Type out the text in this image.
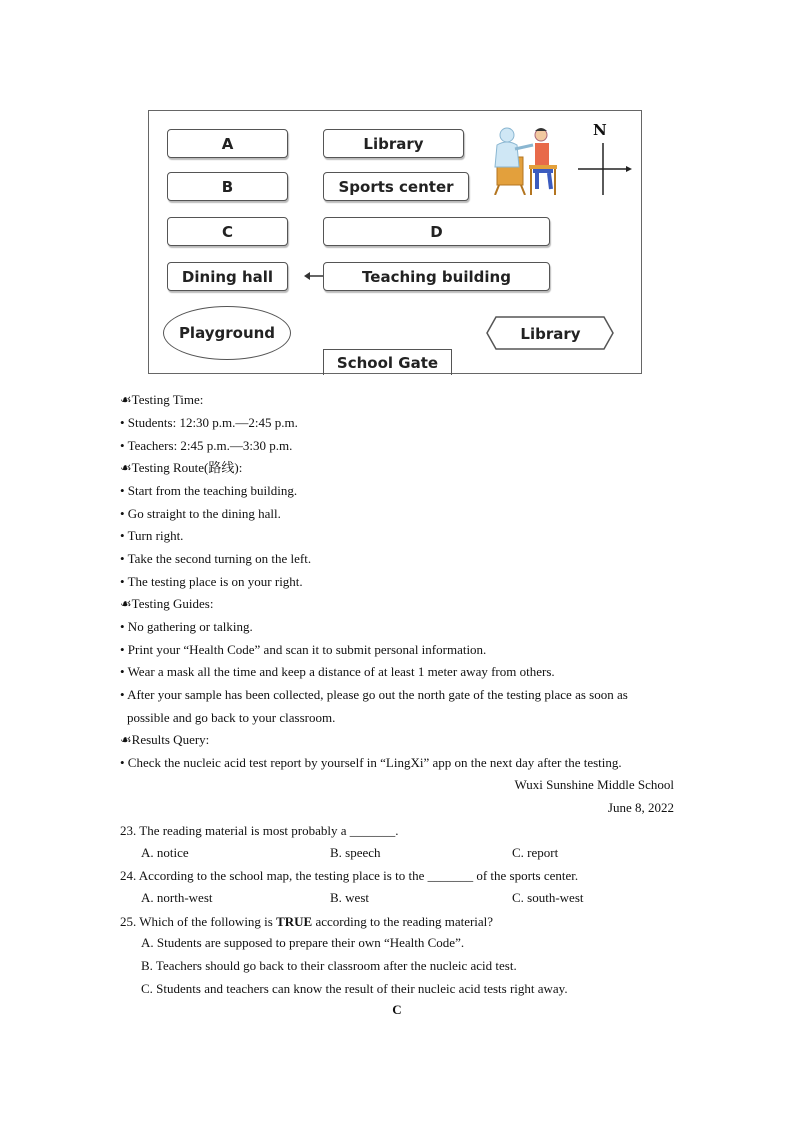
A	Library
B	Sports center
C	D
Dining hall	Teaching building
Playground	Library
School Gate
N
☙Testing Time:
• Students: 12:30 p.m.—2:45 p.m.
• Teachers: 2:45 p.m.—3:30 p.m.
☙Testing Route(路线):
• Start from the teaching building.
• Go straight to the dining hall.
• Turn right.
• Take the second turning on the left.
• The testing place is on your right.
☙Testing Guides:
• No gathering or talking.
• Print your “Health Code” and scan it to submit personal information.
• Wear a mask all the time and keep a distance of at least 1 meter away from others.
• After your sample has been collected, please go out the north gate of the testing place as soon as
possible and go back to your classroom.
☙Results Query:
• Check the nucleic acid test report by yourself in “LingXi” app on the next day after the testing.
Wuxi Sunshine Middle School
June 8, 2022
23. The reading material is most probably a _______.
A. notice	B. speech	C. report
24. According to the school map, the testing place is to the _______ of the sports center.
A. north-west	B. west	C. south-west
25. Which of the following is TRUE according to the reading material?
A. Students are supposed to prepare their own “Health Code”.
B. Teachers should go back to their classroom after the nucleic acid test.
C. Students and teachers can know the result of their nucleic acid tests right away.
C
